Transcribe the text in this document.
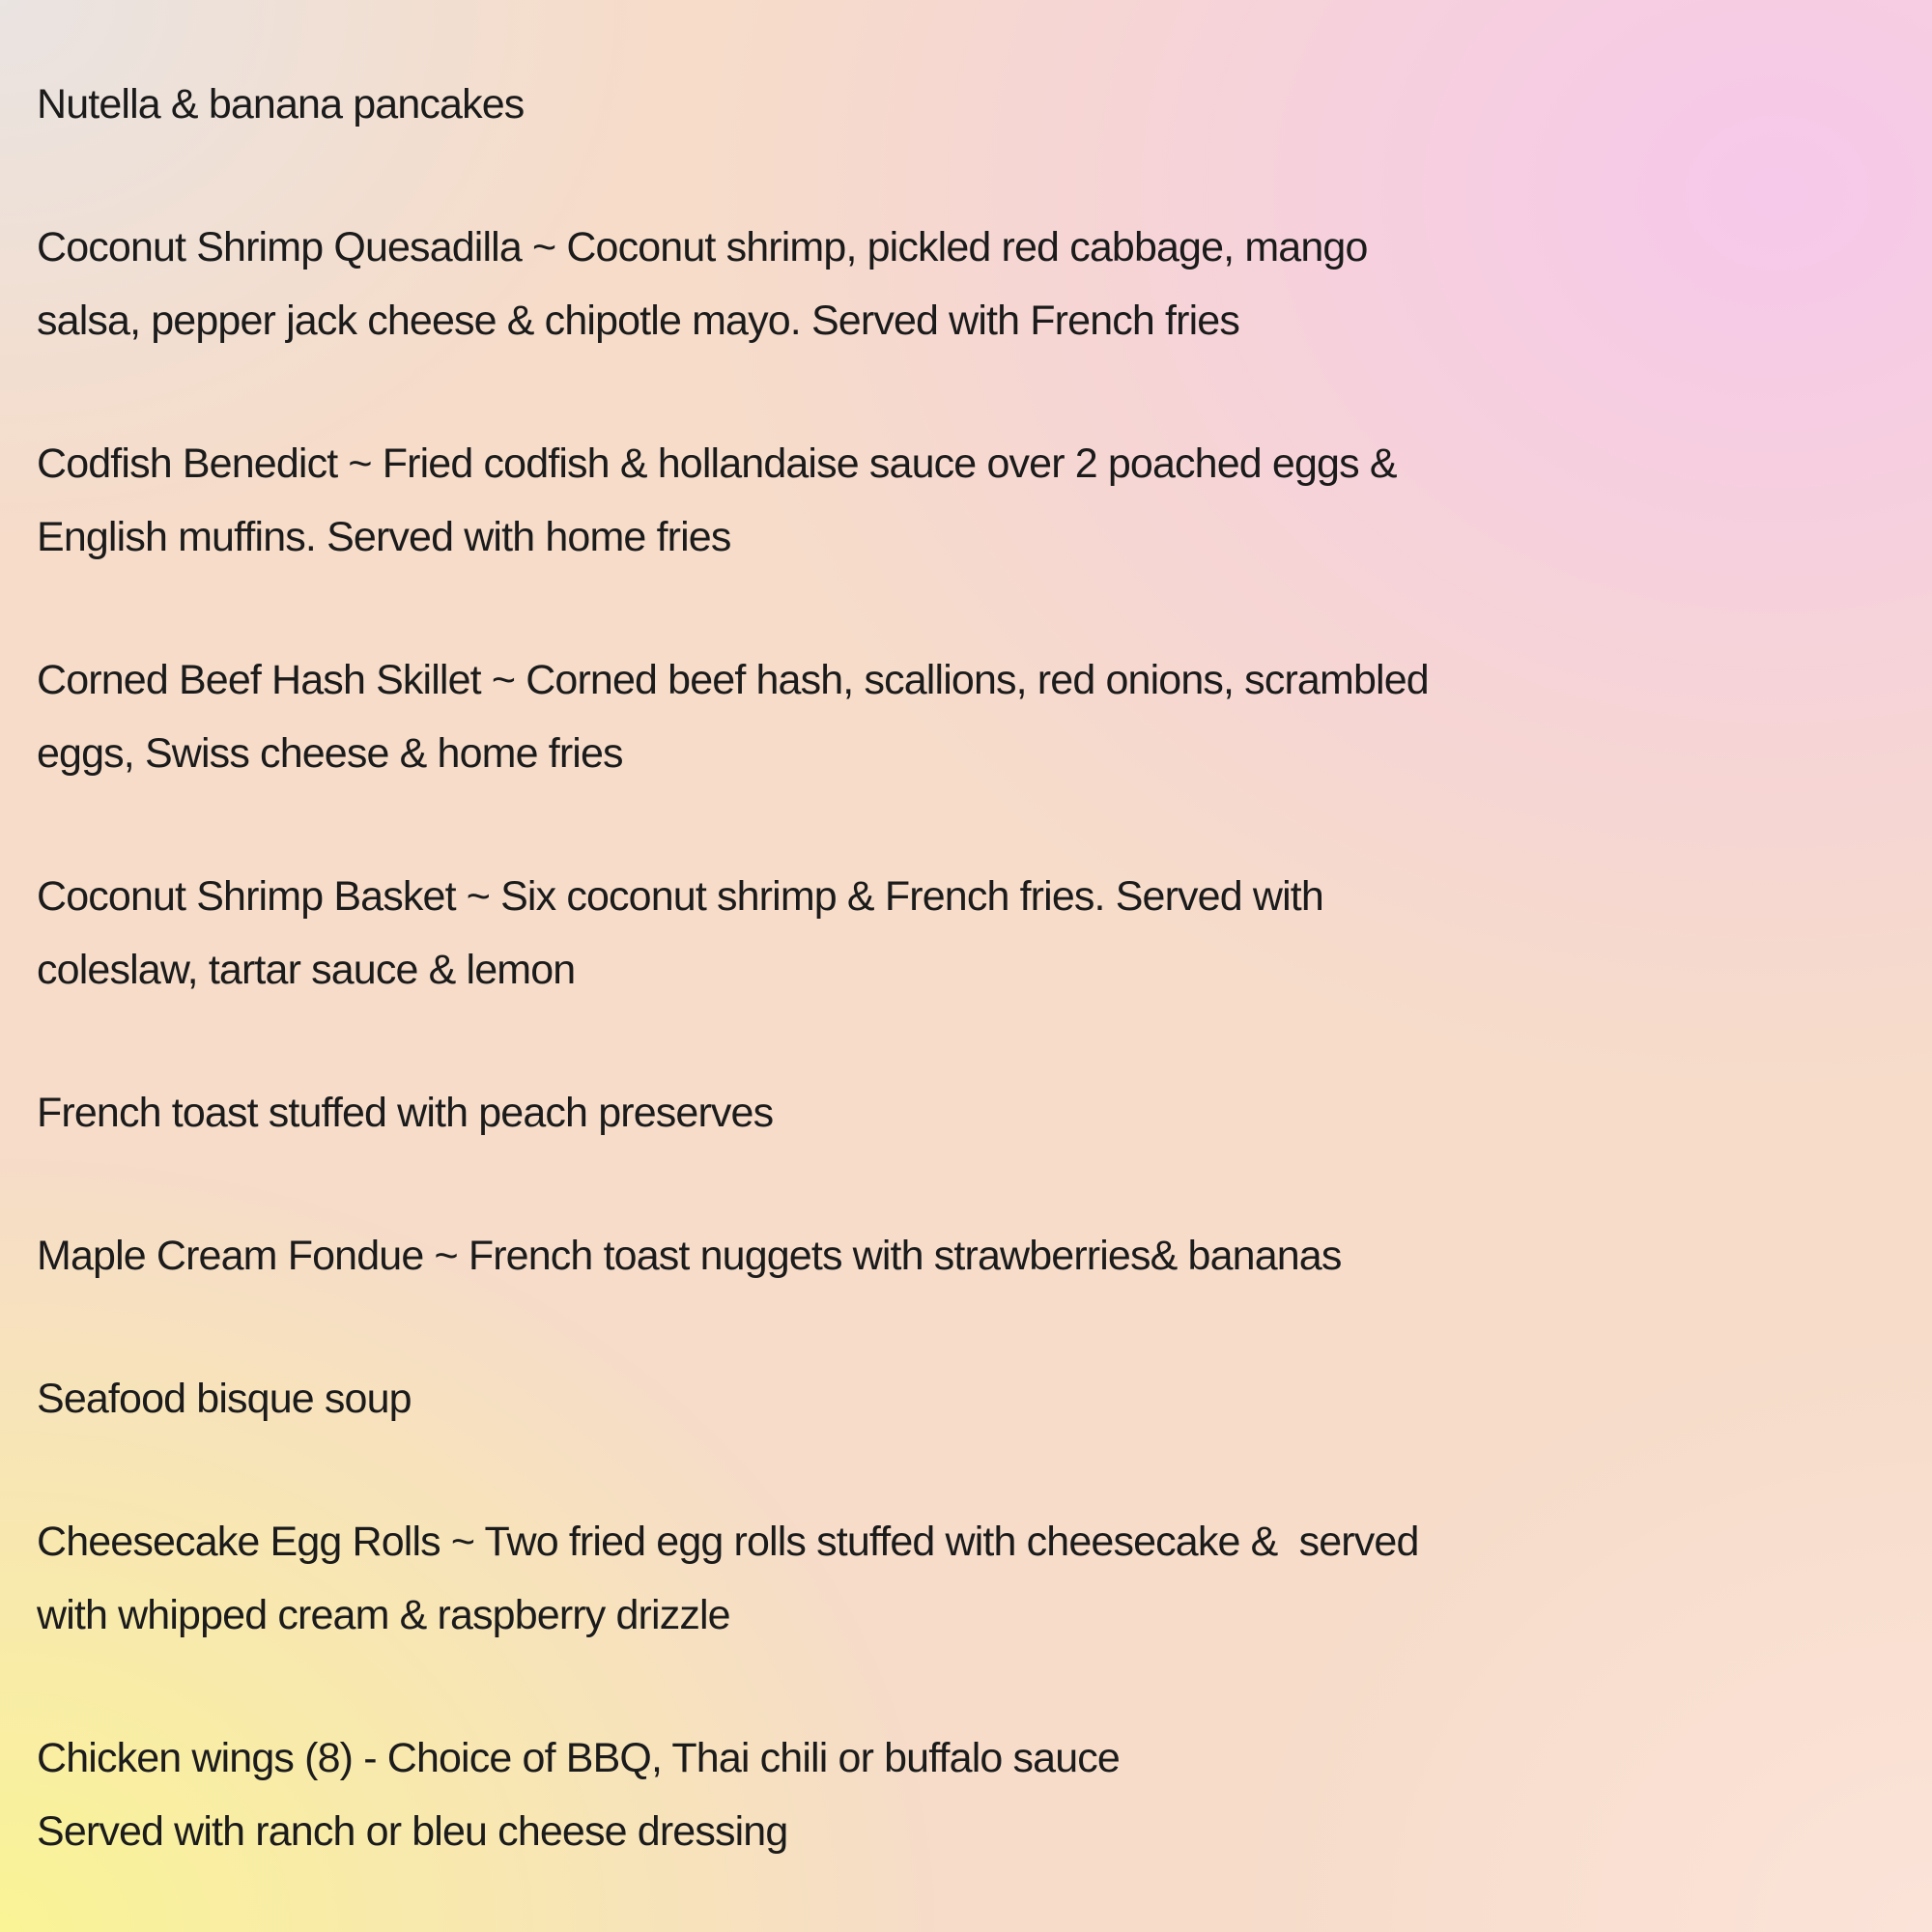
Nutella & banana pancakes
Coconut Shrimp Quesadilla ~ Coconut shrimp, pickled red cabbage, mango
salsa, pepper jack cheese & chipotle mayo. Served with French fries
Codfish Benedict ~ Fried codfish & hollandaise sauce over 2 poached eggs &
English muffins. Served with home fries
Corned Beef Hash Skillet ~ Corned beef hash, scallions, red onions, scrambled
eggs, Swiss cheese & home fries
Coconut Shrimp Basket ~ Six coconut shrimp & French fries. Served with
coleslaw, tartar sauce & lemon
French toast stuffed with peach preserves
Maple Cream Fondue ~ French toast nuggets with strawberries& bananas
Seafood bisque soup
Cheesecake Egg Rolls ~ Two fried egg rolls stuffed with cheesecake &  served
with whipped cream & raspberry drizzle
Chicken wings (8) - Choice of BBQ, Thai chili or buffalo sauce
Served with ranch or bleu cheese dressing
